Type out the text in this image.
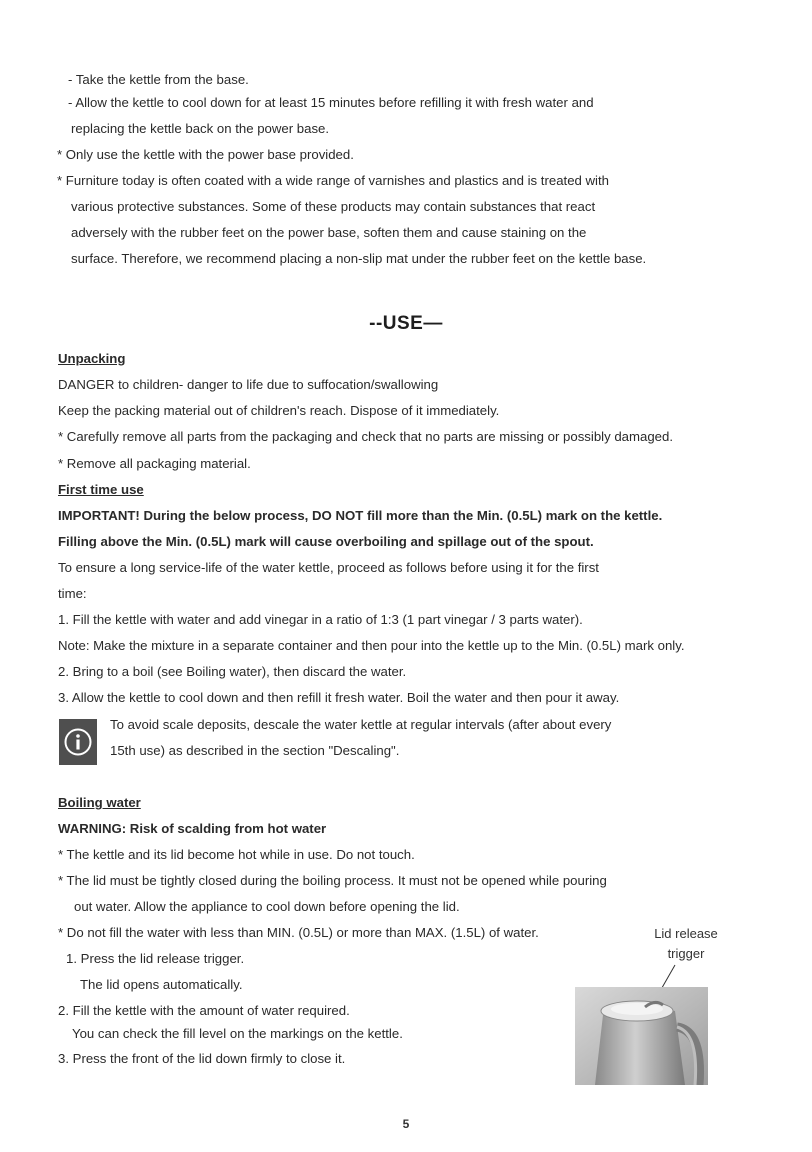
- Take the kettle from the base.
- Allow the kettle to cool down for at least 15 minutes before refilling it with fresh water and
replacing the kettle back on the power base.
* Only use the kettle with the power base provided.
* Furniture today is often coated with a wide range of varnishes and plastics and is treated with
various protective substances. Some of these products may contain substances that react
adversely with the rubber feet on the power base, soften them and cause staining on the
surface. Therefore, we recommend placing a non-slip mat under the rubber feet on the kettle base.
--USE—
Unpacking
DANGER to children- danger to life due to suffocation/swallowing
Keep the packing material out of children's reach. Dispose of it immediately.
* Carefully remove all parts from the packaging and check that no parts are missing or possibly damaged.
* Remove all packaging material.
First time use
IMPORTANT! During the below process, DO NOT fill more than the Min. (0.5L) mark on the kettle.
Filling above the Min. (0.5L) mark will cause overboiling and spillage out of the spout.
To ensure a long service-life of the water kettle, proceed as follows before using it for the first
time:
1. Fill the kettle with water and add vinegar in a ratio of 1:3 (1 part vinegar / 3 parts water).
Note: Make the mixture in a separate container and then pour into the kettle up to the Min. (0.5L) mark only.
2. Bring to a boil (see Boiling water), then discard the water.
3. Allow the kettle to cool down and then refill it fresh water. Boil the water and then pour it away.
To avoid scale deposits, descale the water kettle at regular intervals (after about every
15th use) as described in the section "Descaling".
Boiling water
WARNING: Risk of scalding from hot water
* The kettle and its lid become hot while in use. Do not touch.
* The lid must be tightly closed during the boiling process. It must not be opened while pouring
out water. Allow the appliance to cool down before opening the lid.
* Do not fill the water with less than MIN. (0.5L) or more than MAX. (1.5L) of water.
1. Press the lid release trigger.
The lid opens automatically.
2. Fill the kettle with the amount of water required.
You can check the fill level on the markings on the kettle.
3. Press the front of the lid down firmly to close it.
Lid release
trigger
5
